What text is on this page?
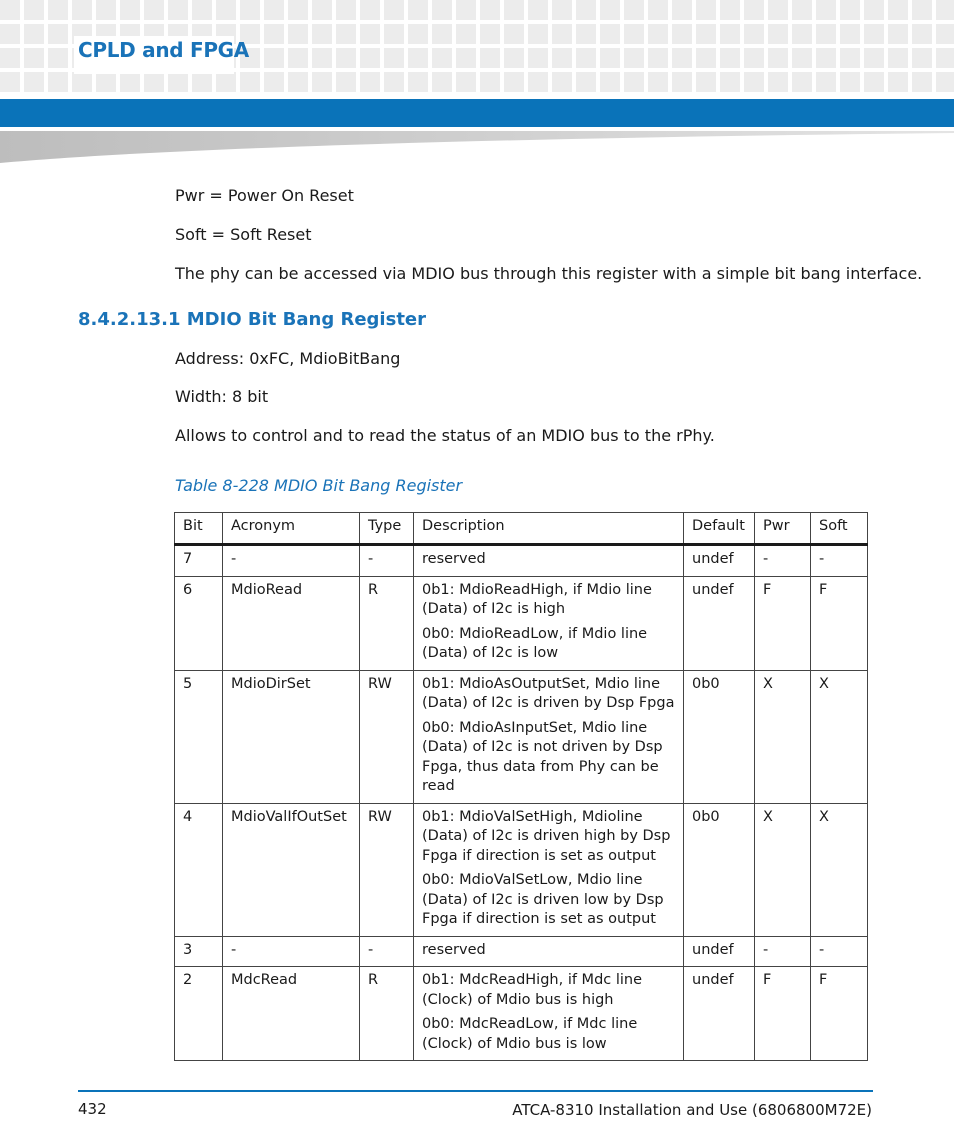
CPLD and FPGA
Pwr = Power On Reset
Soft = Soft Reset
The phy can be accessed via MDIO bus through this register with a simple bit bang interface.
8.4.2.13.1 MDIO Bit Bang Register
Address: 0xFC, MdioBitBang
Width: 8 bit
Allows to control and to read the status of an MDIO bus to the rPhy.
Table 8-228 MDIO Bit Bang Register
Bit	Acronym	Type	Description	Default	Pwr	Soft
7	-	-	reserved	undef	-	-
6	MdioRead	R	0b1: MdioReadHigh, if Mdio line (Data) of I2c is high

0b0: MdioReadLow, if Mdio line (Data) of I2c is low	undef	F	F
5	MdioDirSet	RW	0b1: MdioAsOutputSet, Mdio line (Data) of I2c is driven by Dsp Fpga

0b0: MdioAsInputSet, Mdio line (Data) of I2c is not driven by Dsp Fpga, thus data from Phy can be read	0b0	X	X
4	MdioValIfOutSet	RW	0b1: MdioValSetHigh, Mdioline (Data) of I2c is driven high by Dsp Fpga if direction is set as output

0b0: MdioValSetLow, Mdio line (Data) of I2c is driven low by Dsp Fpga if direction is set as output	0b0	X	X
3	-	-	reserved	undef	-	-
2	MdcRead	R	0b1: MdcReadHigh, if Mdc line (Clock) of Mdio bus is high

0b0: MdcReadLow, if Mdc line (Clock) of Mdio bus is low	undef	F	F
432	ATCA-8310 Installation and Use (6806800M72E)
